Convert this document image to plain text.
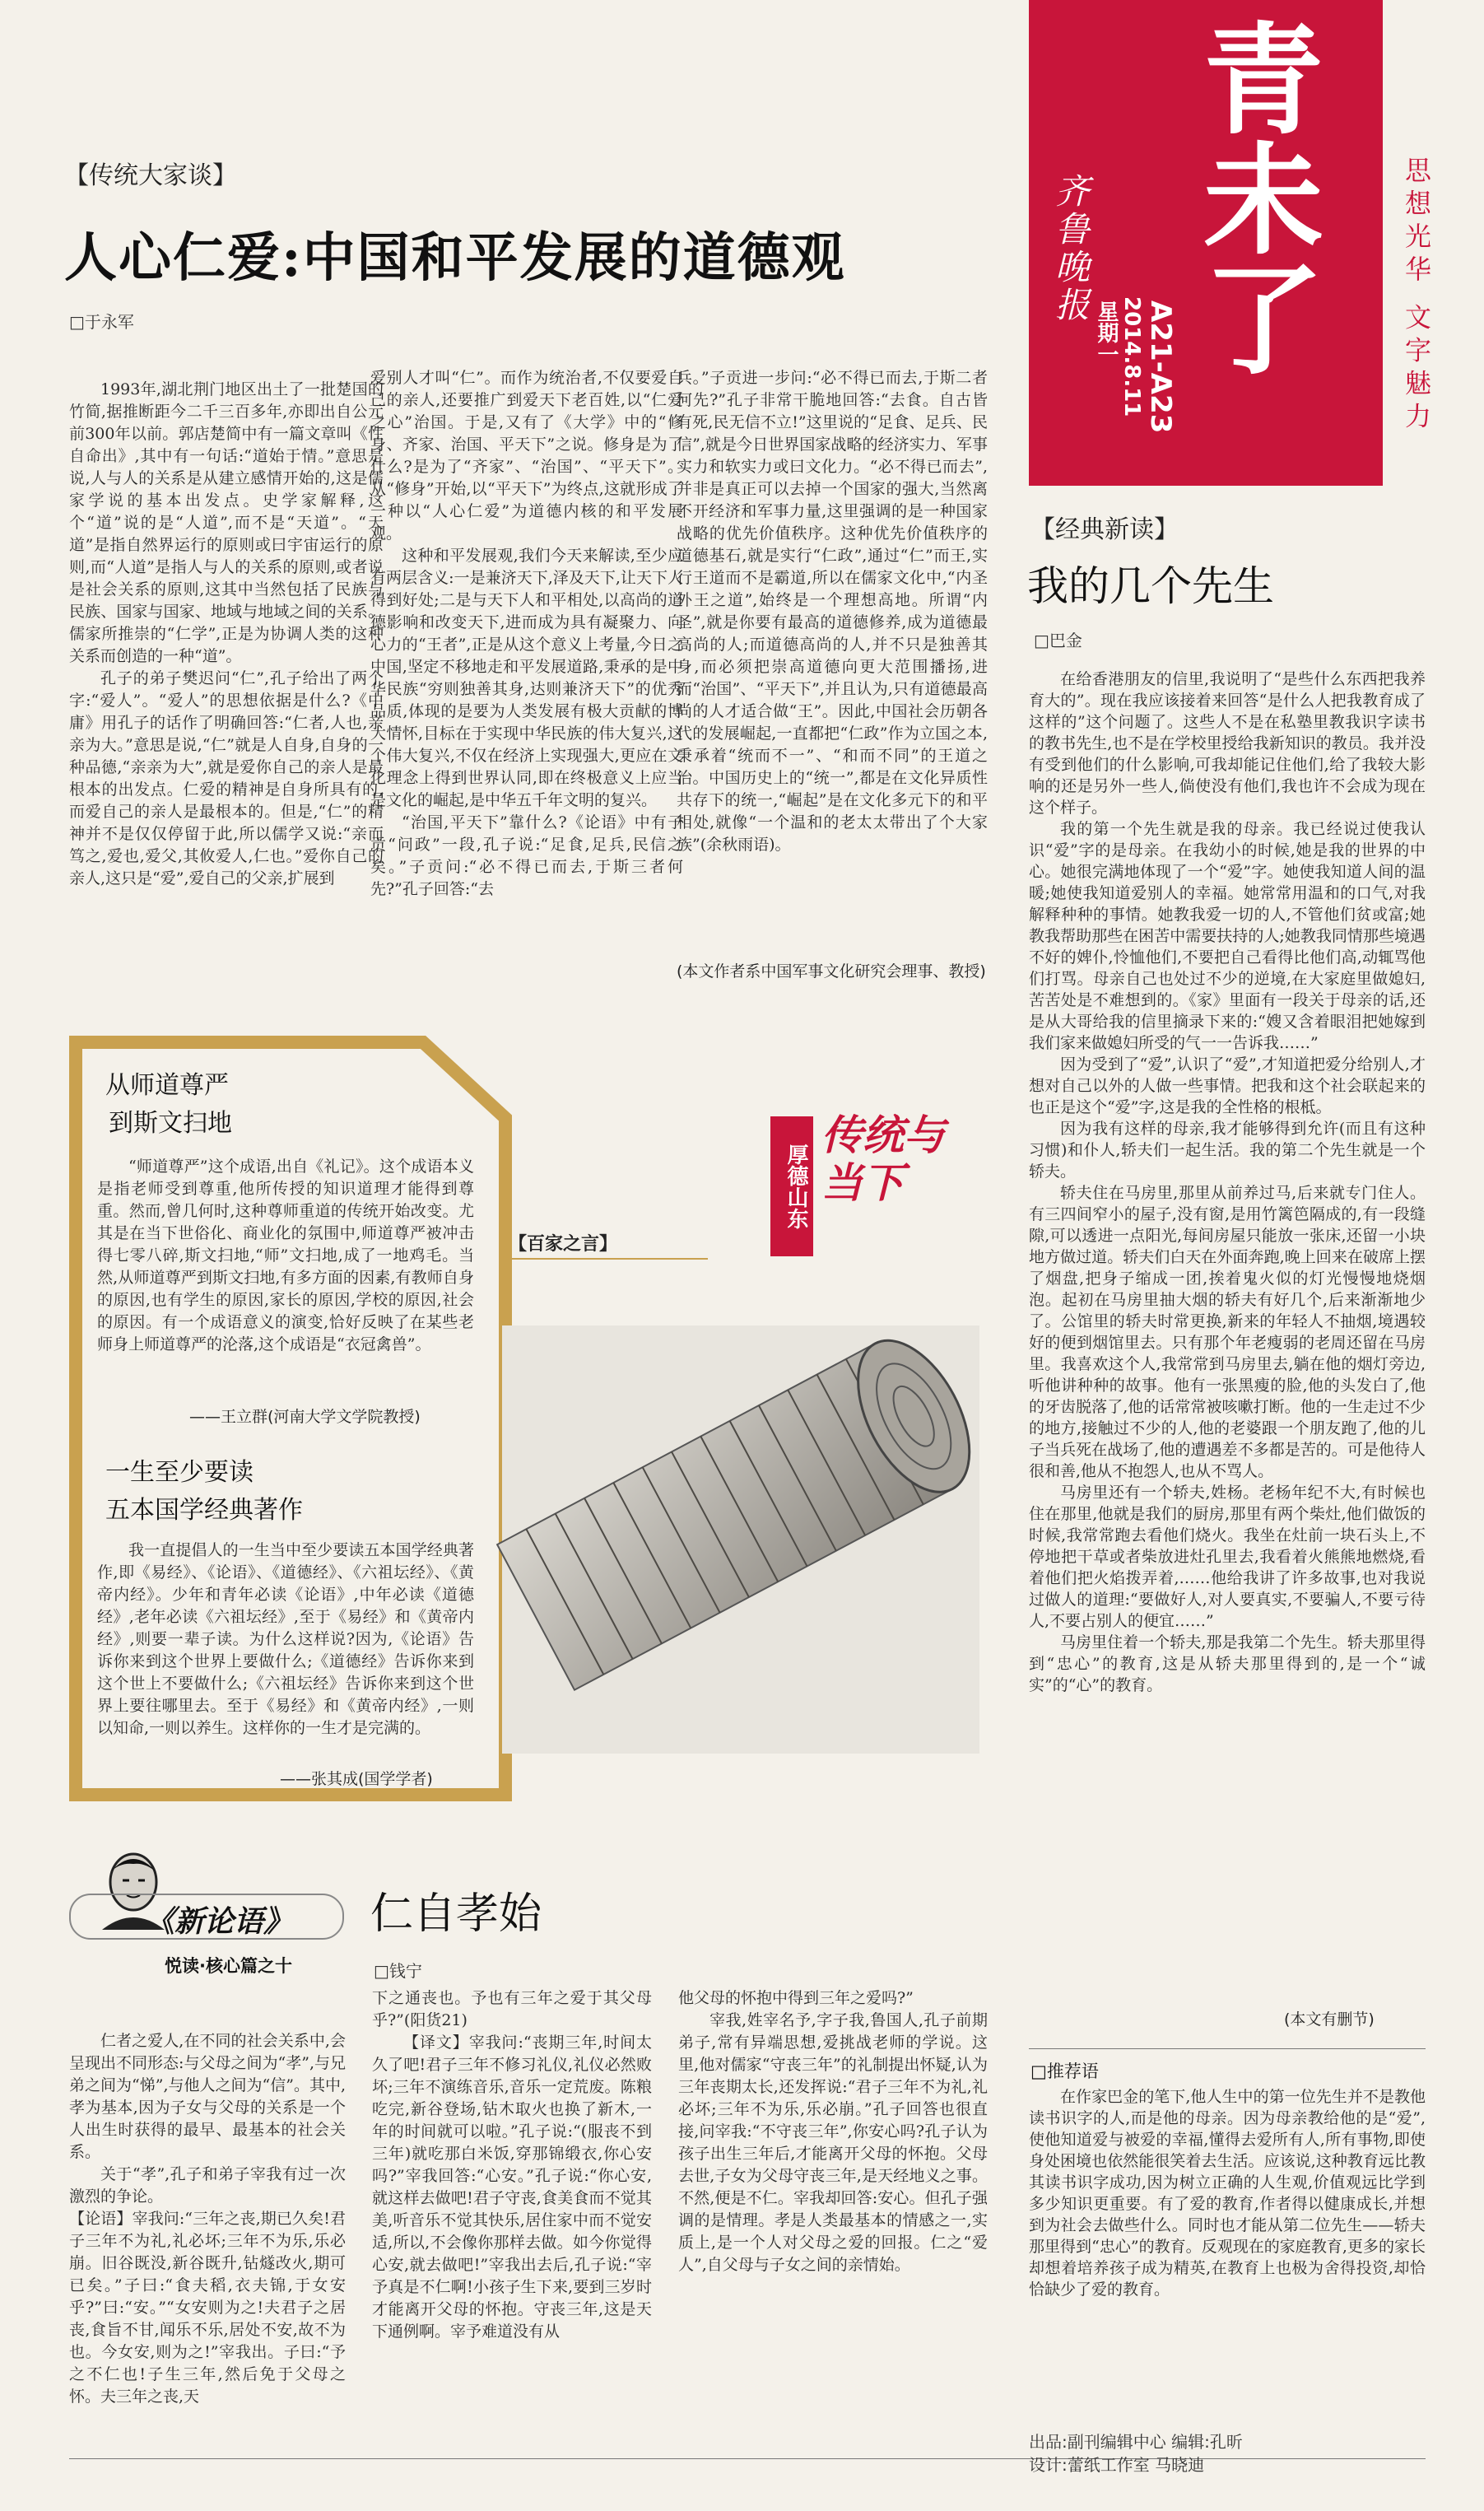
青未了
齐鲁晚报
星期一 2014.8.11 A21-A23	思想光华 文字魅力
【传统大家谈】
人心仁爱:中国和平发展的道德观
□于永军

1993年,湖北荆门地区出土了一批楚国的竹简,据推断距今二千三百多年,亦即出自公元前300年以前。郭店楚简中有一篇文章叫《性自命出》,其中有一句话:“道始于情。”意思是说,人与人的关系是从建立感情开始的,这是儒家学说的基本出发点。史学家解释,这个“道”说的是“人道”,而不是“天道”。“天道”是指自然界运行的原则或曰宇宙运行的原则,而“人道”是指人与人的关系的原则,或者说是社会关系的原则,这其中当然包括了民族与民族、国家与国家、地域与地域之间的关系。儒家所推崇的“仁学”,正是为协调人类的这种关系而创造的一种“道”。

孔子的弟子樊迟问“仁”,孔子给出了两个字:“爱人”。“爱人”的思想依据是什么?《中庸》用孔子的话作了明确回答:“仁者,人也,亲亲为大。”意思是说,“仁”就是人自身,自身的一种品德,“亲亲为大”,就是爱你自己的亲人是最根本的出发点。仁爱的精神是自身所具有的,而爱自己的亲人是最根本的。但是,“仁”的精神并不是仅仅停留于此,所以儒学又说:“亲而笃之,爱也,爱父,其攸爱人,仁也。”爱你自己的亲人,这只是“爱”,爱自己的父亲,扩展到

爱别人才叫“仁”。而作为统治者,不仅要爱自己的亲人,还要推广到爱天下老百姓,以“仁爱之心”治国。于是,又有了《大学》中的“修身、齐家、治国、平天下”之说。修身是为了什么?是为了“齐家”、“治国”、“平天下”。从“修身”开始,以“平天下”为终点,这就形成了一种以“人心仁爱”为道德内核的和平发展观。

这种和平发展观,我们今天来解读,至少应有两层含义:一是兼济天下,泽及天下,让天下人得到好处;二是与天下人和平相处,以高尚的道德影响和改变天下,进而成为具有凝聚力、向心力的“王者”,正是从这个意义上考量,今日之中国,坚定不移地走和平发展道路,秉承的是中华民族“穷则独善其身,达则兼济天下”的优秀品质,体现的是要为人类发展有极大贡献的博大情怀,目标在于实现中华民族的伟大复兴,这个伟大复兴,不仅在经济上实现强大,更应在文化理念上得到世界认同,即在终极意义上应当是文化的崛起,是中华五千年文明的复兴。

“治国,平天下”靠什么?《论语》中有子贡“问政”一段,孔子说:“足食,足兵,民信之矣。”子贡问:“必不得已而去,于斯三者何先?”孔子回答:“去

兵。”子贡进一步问:“必不得已而去,于斯二者何先?”孔子非常干脆地回答:“去食。自古皆有死,民无信不立!”这里说的“足食、足兵、民信”,就是今日世界国家战略的经济实力、军事实力和软实力或曰文化力。“必不得已而去”,并非是真正可以去掉一个国家的强大,当然离不开经济和军事力量,这里强调的是一种国家战略的优先价值秩序。这种优先价值秩序的道德基石,就是实行“仁政”,通过“仁”而王,实行王道而不是霸道,所以在儒家文化中,“内圣外王之道”,始终是一个理想高地。所谓“内圣”,就是你要有最高的道德修养,成为道德最高尚的人;而道德高尚的人,并不只是独善其身,而必须把崇高道德向更大范围播扬,进而“治国”、“平天下”,并且认为,只有道德最高尚的人才适合做“王”。因此,中国社会历朝各代的发展崛起,一直都把“仁政”作为立国之本,秉承着“统而不一”、“和而不同”的王道之治。中国历史上的“统一”,都是在文化异质性共存下的统一,“崛起”是在文化多元下的和平相处,就像“一个温和的老太太带出了个大家族”(余秋雨语)。

(本文作者系中国军事文化研究会理事、教授)
【百家之言】
厚德山东
传统与当下
从师道尊严
到斯文扫地

“师道尊严”这个成语,出自《礼记》。这个成语本义是指老师受到尊重,他所传授的知识道理才能得到尊重。然而,曾几何时,这种尊师重道的传统开始改变。尤其是在当下世俗化、商业化的氛围中,师道尊严被冲击得七零八碎,斯文扫地,“师”文扫地,成了一地鸡毛。当然,从师道尊严到斯文扫地,有多方面的因素,有教师自身的原因,也有学生的原因,家长的原因,学校的原因,社会的原因。有一个成语意义的演变,恰好反映了在某些老师身上师道尊严的沦落,这个成语是“衣冠禽兽”。

——王立群(河南大学文学院教授)
一生至少要读
五本国学经典著作

我一直提倡人的一生当中至少要读五本国学经典著作,即《易经》、《论语》、《道德经》、《六祖坛经》、《黄帝内经》。少年和青年必读《论语》,中年必读《道德经》,老年必读《六祖坛经》,至于《易经》和《黄帝内经》,则要一辈子读。为什么这样说?因为,《论语》告诉你来到这个世界上要做什么;《道德经》告诉你来到这个世上不要做什么;《六祖坛经》告诉你来到这个世界上要往哪里去。至于《易经》和《黄帝内经》,一则以知命,一则以养生。这样你的一生才是完满的。

——张其成(国学学者)
【经典新读】
我的几个先生
□巴金

在给香港朋友的信里,我说明了“是些什么东西把我养育大的”。现在我应该接着来回答“是什么人把我教育成了这样的”这个问题了。这些人不是在私塾里教我识字读书的教书先生,也不是在学校里授给我新知识的教员。我并没有受到他们的什么影响,可我却能记住他们,给了我较大影响的还是另外一些人,倘使没有他们,我也许不会成为现在这个样子。

我的第一个先生就是我的母亲。我已经说过使我认识“爱”字的是母亲。在我幼小的时候,她是我的世界的中心。她很完满地体现了一个“爱”字。她使我知道人间的温暖;她使我知道爱别人的幸福。她常常用温和的口气,对我解释种种的事情。她教我爱一切的人,不管他们贫或富;她教我帮助那些在困苦中需要扶持的人;她教我同情那些境遇不好的婢仆,怜恤他们,不要把自己看得比他们高,动辄骂他们打骂。母亲自己也处过不少的逆境,在大家庭里做媳妇,苦苦处是不难想到的。《家》里面有一段关于母亲的话,还是从大哥给我的信里摘录下来的:“嫂又含着眼泪把她嫁到我们家来做媳妇所受的气一一告诉我……”

因为受到了“爱”,认识了“爱”,才知道把爱分给别人,才想对自己以外的人做一些事情。把我和这个社会联起来的也正是这个“爱”字,这是我的全性格的根柢。

因为我有这样的母亲,我才能够得到允许(而且有这种习惯)和仆人,轿夫们一起生活。我的第二个先生就是一个轿夫。

轿夫住在马房里,那里从前养过马,后来就专门住人。有三四间窄小的屋子,没有窗,是用竹篱笆隔成的,有一段缝隙,可以透进一点阳光,每间房屋只能放一张床,还留一小块地方做过道。轿夫们白天在外面奔跑,晚上回来在破席上摆了烟盘,把身子缩成一团,挨着鬼火似的灯光慢慢地烧烟泡。起初在马房里抽大烟的轿夫有好几个,后来渐渐地少了。公馆里的轿夫时常更换,新来的年轻人不抽烟,境遇较好的便到烟馆里去。只有那个年老瘦弱的老周还留在马房里。我喜欢这个人,我常常到马房里去,躺在他的烟灯旁边,听他讲种种的故事。他有一张黑瘦的脸,他的头发白了,他的牙齿脱落了,他的话常常被咳嗽打断。他的一生走过不少的地方,接触过不少的人,他的老婆跟一个朋友跑了,他的儿子当兵死在战场了,他的遭遇差不多都是苦的。可是他待人很和善,他从不抱怨人,也从不骂人。

马房里还有一个轿夫,姓杨。老杨年纪不大,有时候也住在那里,他就是我们的厨房,那里有两个柴灶,他们做饭的时候,我常常跑去看他们烧火。我坐在灶前一块石头上,不停地把干草或者柴放进灶孔里去,我看着火熊熊地燃烧,看着他们把火焰拨弄着,……他给我讲了许多故事,也对我说过做人的道理:“要做好人,对人要真实,不要骗人,不要亏待人,不要占别人的便宜……”

马房里住着一个轿夫,那是我第二个先生。轿夫那里得到“忠心”的教育,这是从轿夫那里得到的,是一个“诚实”的“心”的教育。

(本文有删节)
□推荐语

在作家巴金的笔下,他人生中的第一位先生并不是教他读书识字的人,而是他的母亲。因为母亲教给他的是“爱”,使他知道爱与被爱的幸福,懂得去爱所有人,所有事物,即使身处困境也依然能很笑着去生活。应该说,这种教育远比教其读书识字成功,因为树立正确的人生观,价值观远比学到多少知识更重要。有了爱的教育,作者得以健康成长,并想到为社会去做些什么。同时也才能从第二位先生——轿夫那里得到“忠心”的教育。反观现在的家庭教育,更多的家长却想着培养孩子成为精英,在教育上也极为舍得投资,却恰恰缺少了爱的教育。

《新论语》
悦读·核心篇之十
仁自孝始
□钱宁

仁者之爱人,在不同的社会关系中,会呈现出不同形态:与父母之间为“孝”,与兄弟之间为“悌”,与他人之间为“信”。其中,孝为基本,因为子女与父母的关系是一个人出生时获得的最早、最基本的社会关系。

关于“孝”,孔子和弟子宰我有过一次激烈的争论。

【论语】宰我问:“三年之丧,期已久矣!君子三年不为礼,礼必坏;三年不为乐,乐必崩。旧谷既没,新谷既升,钻燧改火,期可已矣。”子曰:“食夫稻,衣夫锦,于女安乎?”曰:“安。”“女安则为之!夫君子之居丧,食旨不甘,闻乐不乐,居处不安,故不为也。今女安,则为之!”宰我出。子曰:“予之不仁也!子生三年,然后免于父母之怀。夫三年之丧,天

下之通丧也。予也有三年之爱于其父母乎?”(阳货21)

【译文】宰我问:“丧期三年,时间太久了吧!君子三年不修习礼仪,礼仪必然败坏;三年不演练音乐,音乐一定荒废。陈粮吃完,新谷登场,钻木取火也换了新木,一年的时间就可以啦。”孔子说:“(服丧不到三年)就吃那白米饭,穿那锦缎衣,你心安吗?”宰我回答:“心安。”孔子说:“你心安,就这样去做吧!君子守丧,食美食而不觉其美,听音乐不觉其快乐,居住家中而不觉安适,所以,不会像你那样去做。如今你觉得心安,就去做吧!”宰我出去后,孔子说:“宰予真是不仁啊!小孩子生下来,要到三岁时才能离开父母的怀抱。守丧三年,这是天下通例啊。宰予难道没有从

他父母的怀抱中得到三年之爱吗?”

宰我,姓宰名予,字子我,鲁国人,孔子前期弟子,常有异端思想,爱挑战老师的学说。这里,他对儒家“守丧三年”的礼制提出怀疑,认为三年丧期太长,还发挥说:“君子三年不为礼,礼必坏;三年不为乐,乐必崩。”孔子回答也很直接,问宰我:“不守丧三年”,你安心吗?孔子认为孩子出生三年后,才能离开父母的怀抱。父母去世,子女为父母守丧三年,是天经地义之事。不然,便是不仁。宰我却回答:安心。但孔子强调的是情理。孝是人类最基本的情感之一,实质上,是一个人对父母之爱的回报。仁之“爱人”,自父母与子女之间的亲情始。

出品:副刊编辑中心 编辑:孔昕
设计:蕾纸工作室 马晓迪
